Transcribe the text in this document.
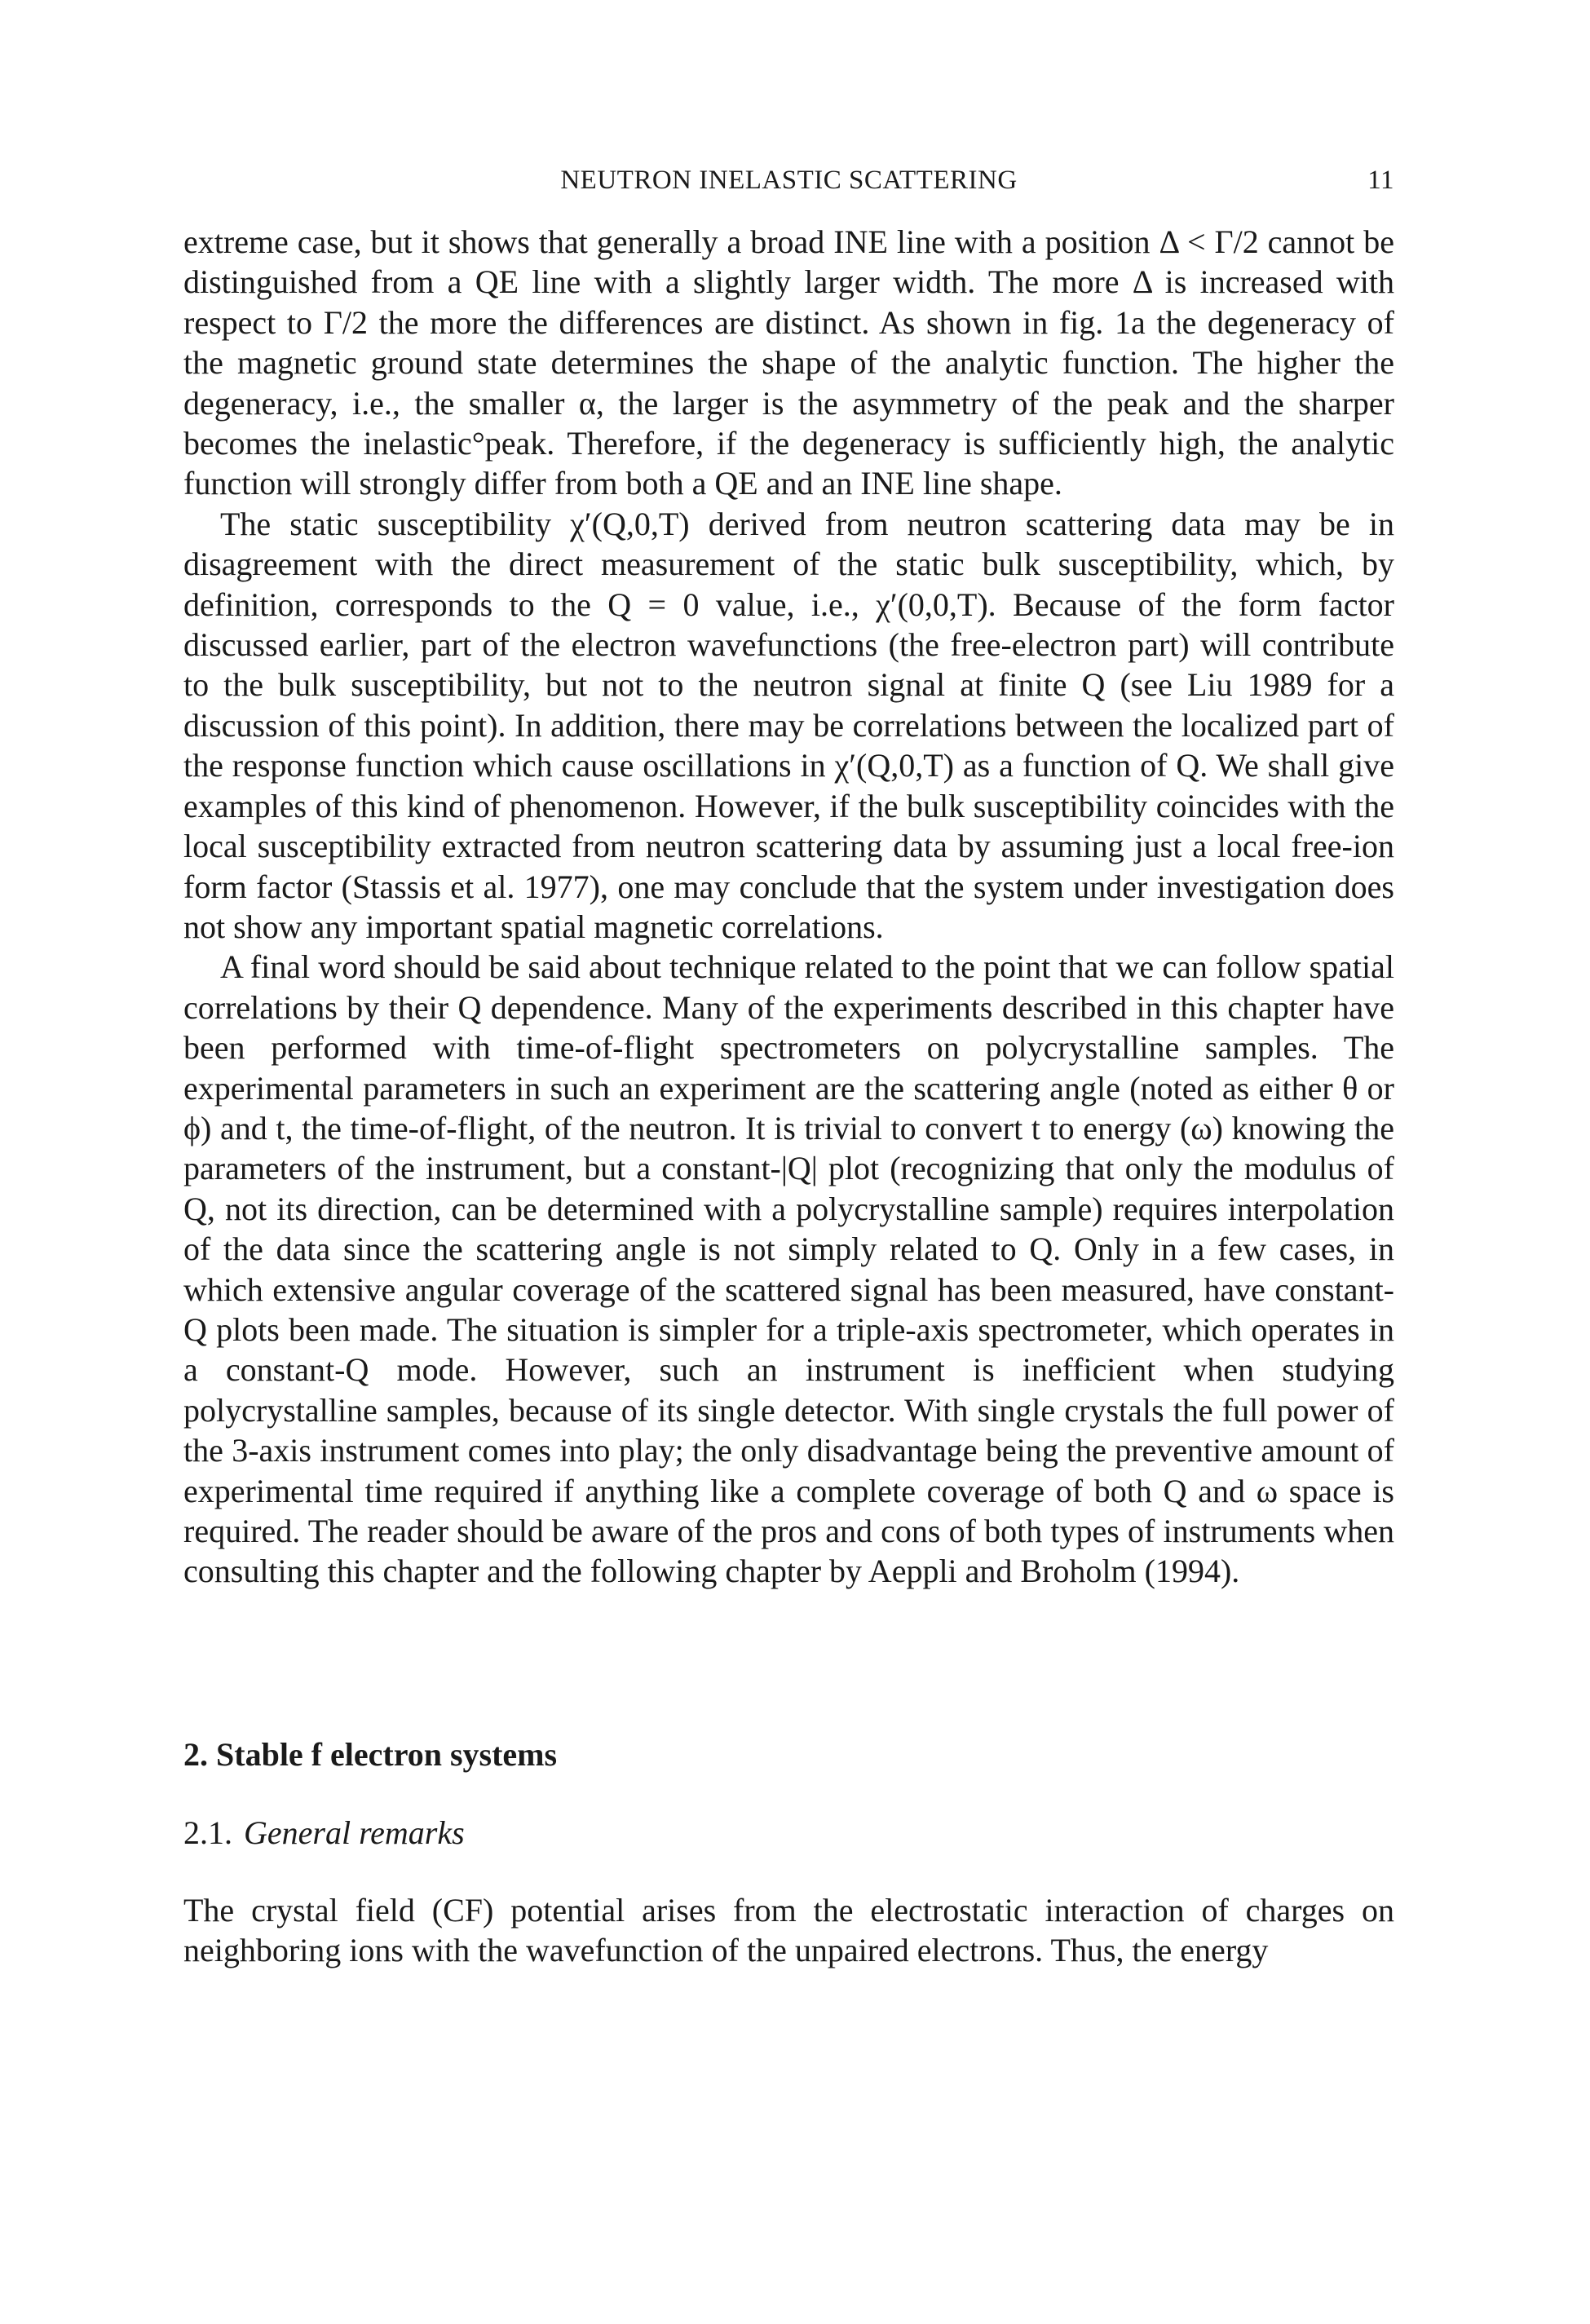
NEUTRON INELASTIC SCATTERING	11

extreme case, but it shows that generally a broad INE line with a position Δ < Γ/2 cannot be distinguished from a QE line with a slightly larger width. The more Δ is increased with respect to Γ/2 the more the differences are distinct. As shown in fig. 1a the degeneracy of the magnetic ground state determines the shape of the analytic function. The higher the degeneracy, i.e., the smaller α, the larger is the asymmetry of the peak and the sharper becomes the inelastic°peak. Therefore, if the degeneracy is sufficiently high, the analytic function will strongly differ from both a QE and an INE line shape.

The static susceptibility χ′(Q,0,T) derived from neutron scattering data may be in disagreement with the direct measurement of the static bulk susceptibility, which, by definition, corresponds to the Q = 0 value, i.e., χ′(0,0,T). Because of the form factor discussed earlier, part of the electron wavefunctions (the free-electron part) will contribute to the bulk susceptibility, but not to the neutron signal at finite Q (see Liu 1989 for a discussion of this point). In addition, there may be correlations between the localized part of the response function which cause oscillations in χ′(Q,0,T) as a function of Q. We shall give examples of this kind of phenomenon. However, if the bulk susceptibility coincides with the local susceptibility extracted from neutron scattering data by assuming just a local free-ion form factor (Stassis et al. 1977), one may conclude that the system under investigation does not show any important spatial magnetic correlations.

A final word should be said about technique related to the point that we can follow spatial correlations by their Q dependence. Many of the experiments described in this chapter have been performed with time-of-flight spectrometers on polycrystalline samples. The experimental parameters in such an experiment are the scattering angle (noted as either θ or ϕ) and t, the time-of-flight, of the neutron. It is trivial to convert t to energy (ω) knowing the parameters of the instrument, but a constant-|Q| plot (recognizing that only the modulus of Q, not its direction, can be determined with a polycrystalline sample) requires interpolation of the data since the scattering angle is not simply related to Q. Only in a few cases, in which extensive angular coverage of the scattered signal has been measured, have constant-Q plots been made. The situation is simpler for a triple-axis spectrometer, which operates in a constant-Q mode. However, such an instrument is inefficient when studying polycrystalline samples, because of its single detector. With single crystals the full power of the 3-axis instrument comes into play; the only disadvantage being the preventive amount of experimental time required if anything like a complete coverage of both Q and ω space is required. The reader should be aware of the pros and cons of both types of instruments when consulting this chapter and the following chapter by Aeppli and Broholm (1994).

2. Stable f electron systems
2.1. General remarks

The crystal field (CF) potential arises from the electrostatic interaction of charges on neighboring ions with the wavefunction of the unpaired electrons. Thus, the energy
